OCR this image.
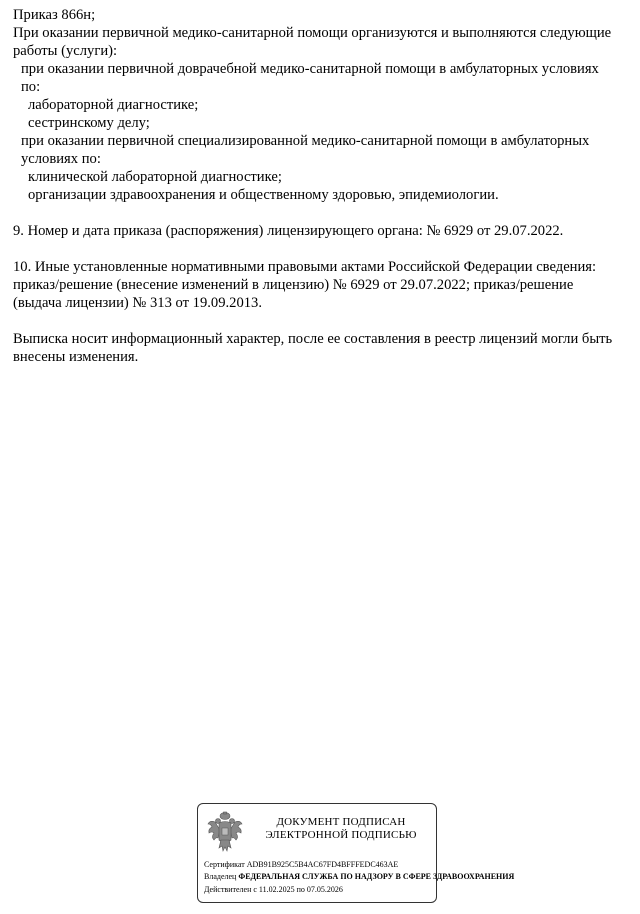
Приказ 866н;
При оказании первичной медико-санитарной помощи организуются и выполняются следующие работы (услуги):
при оказании первичной доврачебной медико-санитарной помощи в амбулаторных условиях по:
лабораторной диагностике;
сестринскому делу;
при оказании первичной специализированной медико-санитарной помощи в амбулаторных условиях по:
клинической лабораторной диагностике;
организации здравоохранения и общественному здоровью, эпидемиологии.
9. Номер и дата приказа (распоряжения) лицензирующего органа: № 6929 от 29.07.2022.
10. Иные установленные нормативными правовыми актами Российской Федерации сведения: приказ/решение (внесение изменений в лицензию) № 6929 от 29.07.2022; приказ/решение (выдача лицензии) № 313 от 19.09.2013.
Выписка носит информационный характер, после ее составления в реестр лицензий могли быть внесены изменения.
ДОКУМЕНТ ПОДПИСАН
ЭЛЕКТРОННОЙ ПОДПИСЬЮ
Сертификат ADB91B925C5B4AC67FD4BFFFEDC463AE
Владелец ФЕДЕРАЛЬНАЯ СЛУЖБА ПО НАДЗОРУ В СФЕРЕ ЗДРАВООХРАНЕНИЯ
Действителен с 11.02.2025 по 07.05.2026
